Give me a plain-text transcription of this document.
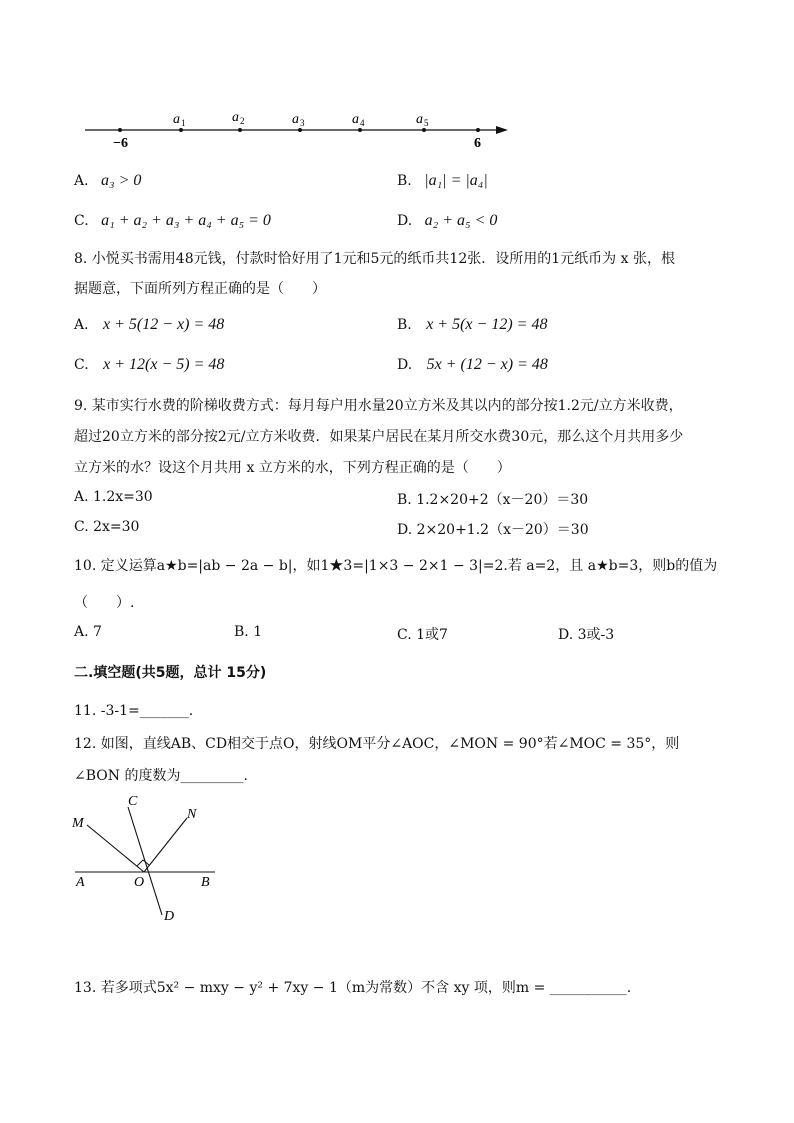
−6	6
a 1	a 2	a 3	a 4	a 5
A. a₃ > 0	B. |a₁| = |a₄|
C. a₁ + a₂ + a₃ + a₄ + a₅ = 0	D. a₂ + a₅ < 0
8. 小悦买书需用48元钱，付款时恰好用了1元和5元的纸币共12张．设所用的1元纸币为 x 张，根
据题意，下面所列方程正确的是（　　）
A. x + 5(12 − x) = 48	B. x + 5(x − 12) = 48
C. x + 12(x − 5) = 48	D. 5x + (12 − x) = 48
9. 某市实行水费的阶梯收费方式：每月每户用水量20立方米及其以内的部分按1.2元/立方米收费，
超过20立方米的部分按2元/立方米收费．如果某户居民在某月所交水费30元，那么这个月共用多少
立方米的水？设这个月共用 x 立方米的水，下列方程正确的是（　　）
A. 1.2x=30	B. 1.2×20+2（x－20）＝30
C. 2x=30	D. 2×20+1.2（x－20）＝30
10. 定义运算a★b=|ab − 2a − b|，如1★3=|1×3 − 2×1 − 3|=2.若 a=2，且 a★b=3，则b的值为
（　　）.
A. 7	B. 1	C. 1或7	D. 3或-3
二.填空题(共5题，总计 15分)
11. -3-1=_______.
12. 如图，直线AB、CD相交于点O，射线OM平分∠AOC，∠MON = 90°若∠MOC = 35°，则
∠BON 的度数为_________.
C
N
M
A	O	B
D
13. 若多项式5x² − mxy − y² + 7xy − 1（m为常数）不含 xy 项，则m = ___________.
